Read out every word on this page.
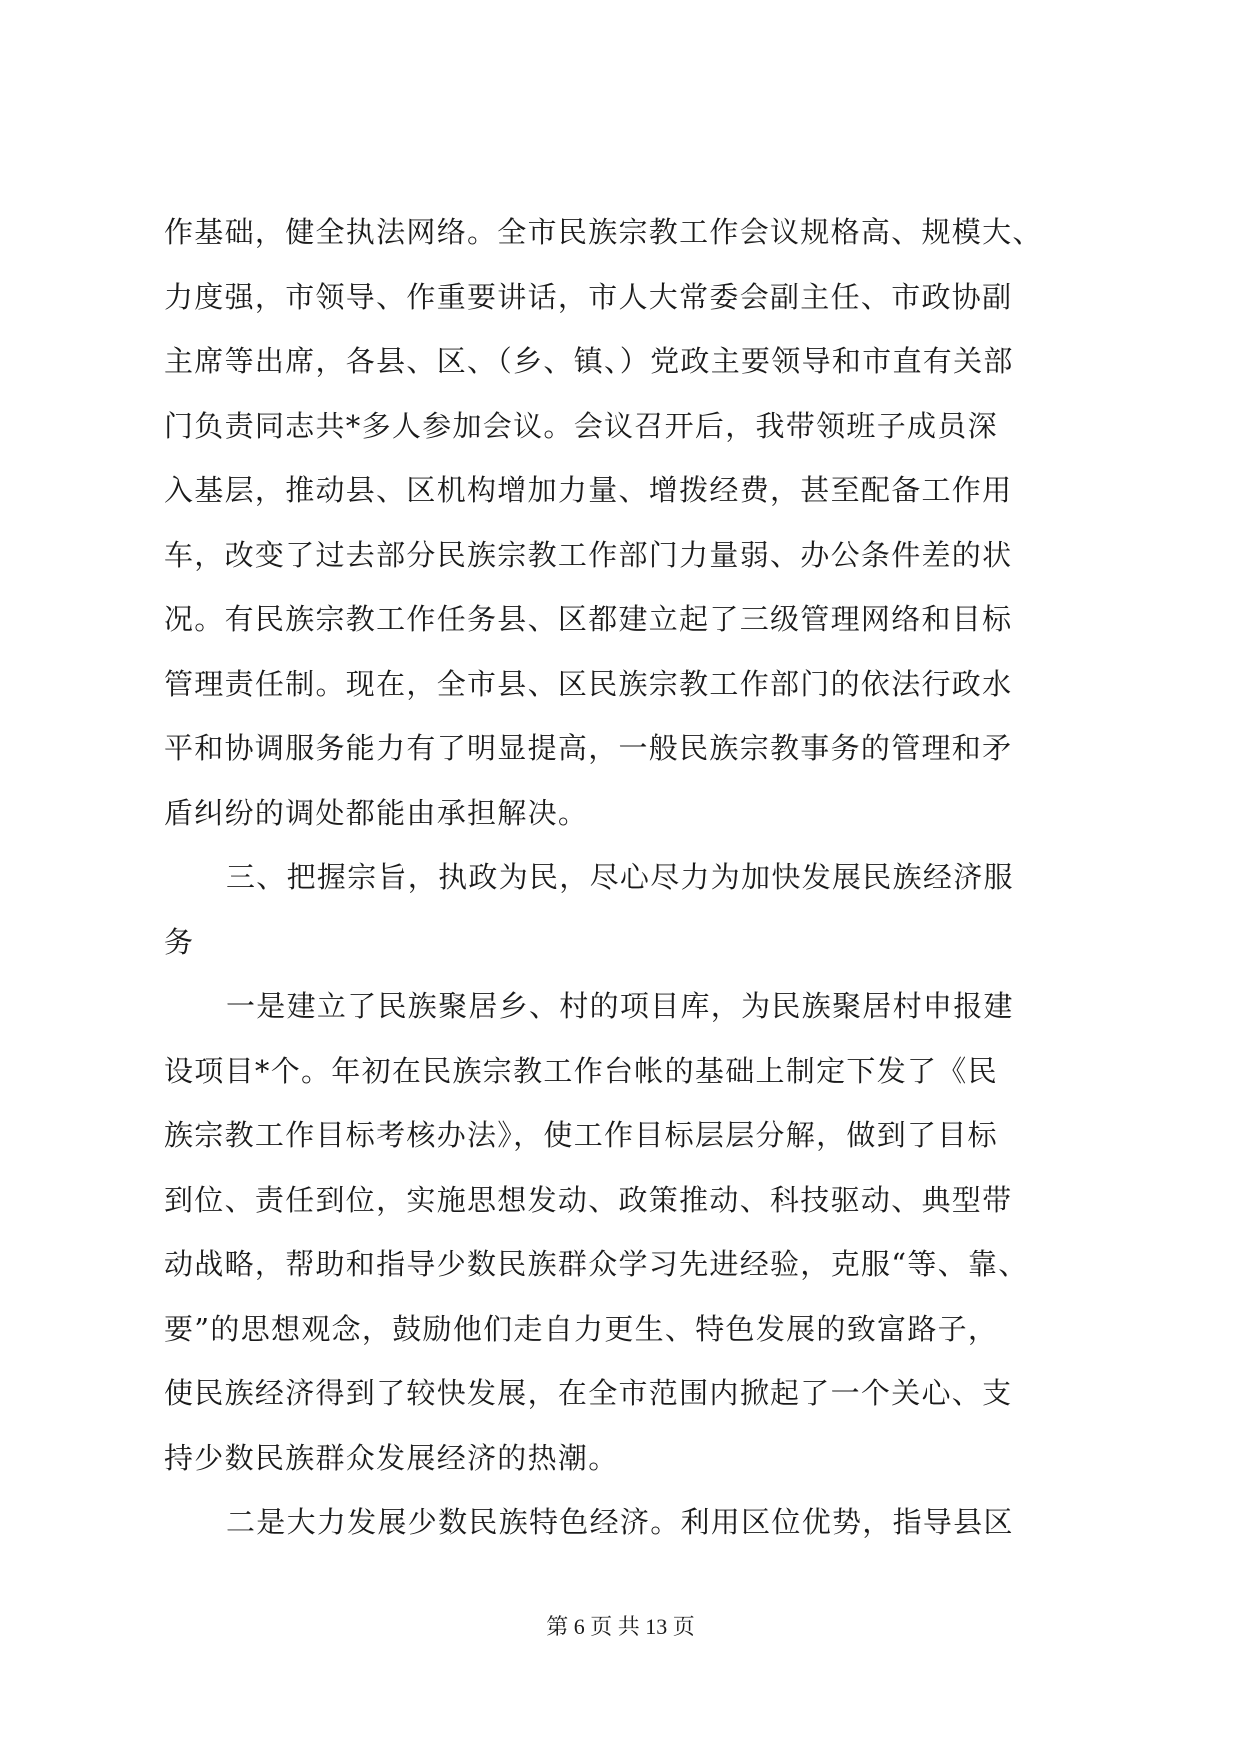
作基础，健全执法网络。全市民族宗教工作会议规格高、规模大、
力度强，市领导、作重要讲话，市人大常委会副主任、市政协副
主席等出席，各县、区、（乡、镇、）党政主要领导和市直有关部
门负责同志共*多人参加会议。会议召开后，我带领班子成员深
入基层，推动县、区机构增加力量、增拨经费，甚至配备工作用
车，改变了过去部分民族宗教工作部门力量弱、办公条件差的状
况。有民族宗教工作任务县、区都建立起了三级管理网络和目标
管理责任制。现在，全市县、区民族宗教工作部门的依法行政水
平和协调服务能力有了明显提高，一般民族宗教事务的管理和矛
盾纠纷的调处都能由承担解决。
三、把握宗旨，执政为民，尽心尽力为加快发展民族经济服
务
一是建立了民族聚居乡、村的项目库，为民族聚居村申报建
设项目*个。年初在民族宗教工作台帐的基础上制定下发了《民
族宗教工作目标考核办法》，使工作目标层层分解，做到了目标
到位、责任到位，实施思想发动、政策推动、科技驱动、典型带
动战略，帮助和指导少数民族群众学习先进经验，克服“等、靠、
要”的思想观念，鼓励他们走自力更生、特色发展的致富路子，
使民族经济得到了较快发展，在全市范围内掀起了一个关心、支
持少数民族群众发展经济的热潮。
二是大力发展少数民族特色经济。利用区位优势，指导县区
第 6 页 共 13 页
